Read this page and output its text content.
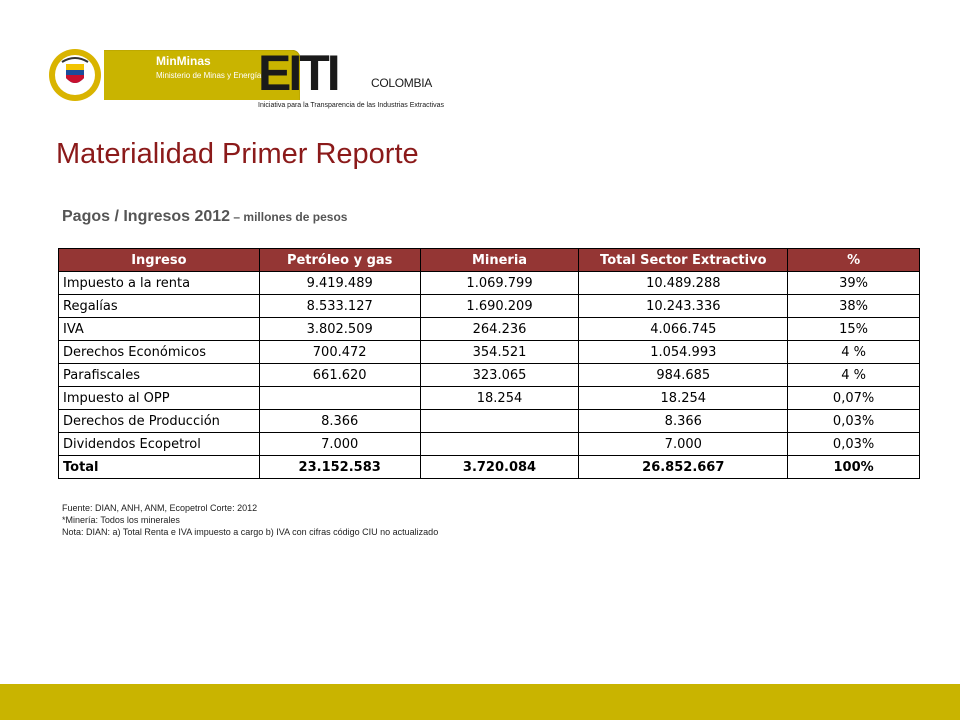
MinMinas
Ministerio de Minas y Energía
EITI	COLOMBIA
Iniciativa para la Transparencia de las Industrias Extractivas
Materialidad Primer Reporte
Pagos / Ingresos 2012 – millones de pesos
Ingreso	Petróleo y gas	Mineria	Total Sector Extractivo	%
Impuesto a la renta	9.419.489	1.069.799	10.489.288	39%
Regalías	8.533.127	1.690.209	10.243.336	38%
IVA	3.802.509	264.236	4.066.745	15%
Derechos Económicos	700.472	354.521	1.054.993	4 %
Parafiscales	661.620	323.065	984.685	4 %
Impuesto al OPP		18.254	18.254	0,07%
Derechos de Producción	8.366		8.366	0,03%
Dividendos Ecopetrol	7.000		7.000	0,03%
Total	23.152.583	3.720.084	26.852.667	100%
Fuente: DIAN, ANH, ANM, Ecopetrol Corte: 2012
*Minería: Todos los minerales
Nota: DIAN: a) Total Renta e IVA impuesto a cargo b) IVA con cifras código CIU no actualizado
